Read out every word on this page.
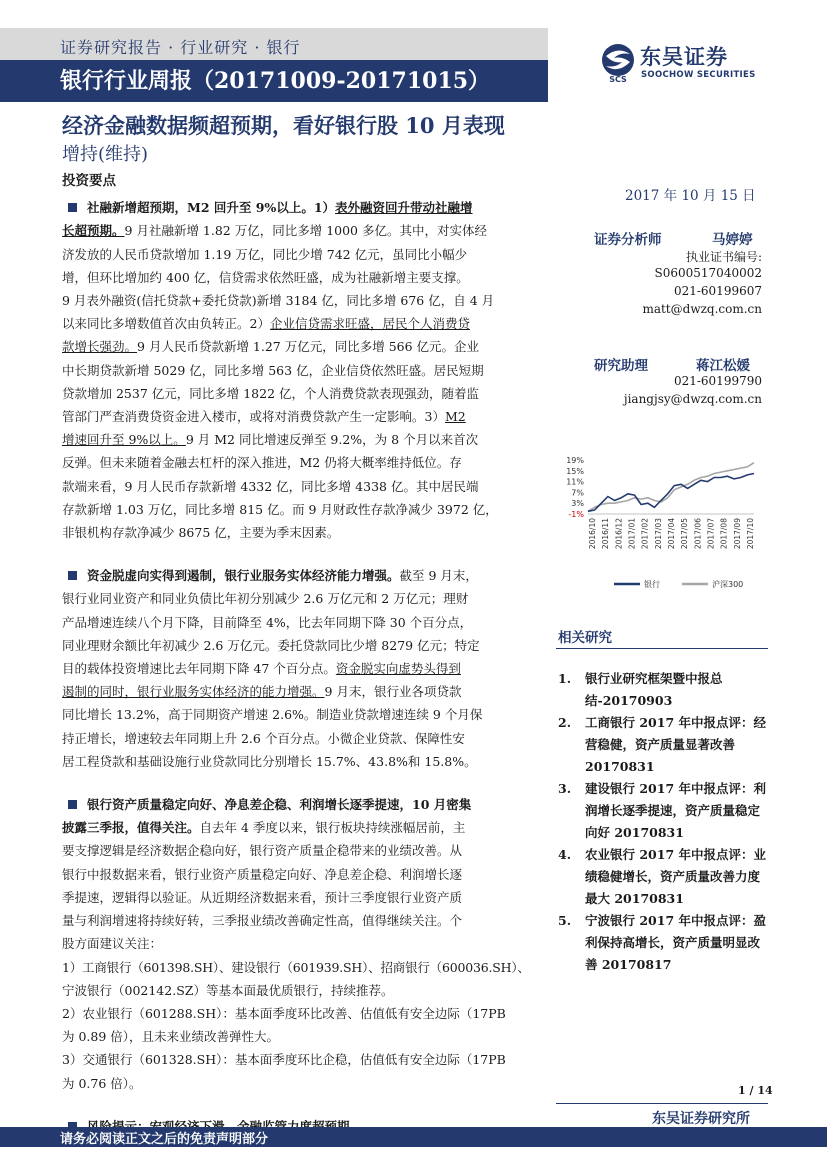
证券研究报告 · 行业研究 · 银行
银行行业周报（20171009-20171015）	SCS
东吴证券
SOOCHOW SECURITIES
经济金融数据频超预期，看好银行股 10 月表现
增持(维持)
投资要点
社融新增超预期，M2 回升至 9%以上。1）表外融资回升带动社融增
长超预期。9 月社融新增 1.82 万亿，同比多增 1000 多亿。其中，对实体经
济发放的人民币贷款增加 1.19 万亿，同比少增 742 亿元，虽同比小幅少
增，但环比增加约 400 亿，信贷需求依然旺盛，成为社融新增主要支撑。
9 月表外融资(信托贷款+委托贷款)新增 3184 亿，同比多增 676 亿，自 4 月
以来同比多增数值首次由负转正。2）企业信贷需求旺盛，居民个人消费贷
款增长强劲。9 月人民币贷款新增 1.27 万亿元，同比多增 566 亿元。企业
中长期贷款新增 5029 亿，同比多增 563 亿，企业信贷依然旺盛。居民短期
贷款增加 2537 亿元，同比多增 1822 亿，个人消费贷款表现强劲，随着监
管部门严查消费贷资金进入楼市，或将对消费贷款产生一定影响。3）M2
增速回升至 9%以上。9 月 M2 同比增速反弹至 9.2%，为 8 个月以来首次
反弹。但未来随着金融去杠杆的深入推进，M2 仍将大概率维持低位。存
款端来看，9 月人民币存款新增 4332 亿，同比多增 4338 亿。其中居民端
存款新增 1.03 万亿，同比多增 815 亿。而 9 月财政性存款净减少 3972 亿，
非银机构存款净减少 8675 亿，主要为季末因素。
资金脱虚向实得到遏制，银行业服务实体经济能力增强。截至 9 月末，
银行业同业资产和同业负债比年初分别减少 2.6 万亿元和 2 万亿元；理财
产品增速连续八个月下降，目前降至 4%，比去年同期下降 30 个百分点，
同业理财余额比年初减少 2.6 万亿元。委托贷款同比少增 8279 亿元；特定
目的载体投资增速比去年同期下降 47 个百分点。资金脱实向虚势头得到
遏制的同时，银行业服务实体经济的能力增强。9 月末，银行业各项贷款
同比增长 13.2%，高于同期资产增速 2.6%。制造业贷款增速连续 9 个月保
持正增长，增速较去年同期上升 2.6 个百分点。小微企业贷款、保障性安
居工程贷款和基础设施行业贷款同比分别增长 15.7%、43.8%和 15.8%。
银行资产质量稳定向好、净息差企稳、利润增长逐季提速，10 月密集
披露三季报，值得关注。自去年 4 季度以来，银行板块持续涨幅居前，主
要支撑逻辑是经济数据企稳向好，银行资产质量企稳带来的业绩改善。从
银行中报数据来看，银行业资产质量稳定向好、净息差企稳、利润增长逐
季提速，逻辑得以验证。从近期经济数据来看，预计三季度银行业资产质
量与利润增速将持续好转，三季报业绩改善确定性高，值得继续关注。个
股方面建议关注：
1）工商银行（601398.SH）、建设银行（601939.SH）、招商银行（600036.SH）、
宁波银行（002142.SZ）等基本面最优质银行，持续推荐。
2）农业银行（601288.SH）：基本面季度环比改善、估值低有安全边际（17PB
为 0.89 倍），且未来业绩改善弹性大。
3）交通银行（601328.SH）：基本面季度环比企稳，估值低有安全边际（17PB
为 0.76 倍）。
2017 年 10 月 15 日
证券分析师	马婷婷
执业证书编号:
S0600517040002
021-60199607
matt@dwzq.com.cn
研究助理	蒋江松媛
021-60199790
jiangjsy@dwzq.com.cn
19%
15%
11%
7%
3%
-1%
2016/10 2016/11 2016/12 2017/01 2017/02 2017/03 2017/04 2017/05 2017/06 2017/07 2017/08 2017/09 2017/10
银行	沪深300
相关研究
1. 银行业研究框架暨中报总结-20170903
2. 工商银行 2017 年中报点评：经营稳健，资产质量显著改善 20170831
3. 建设银行 2017 年中报点评：利润增长逐季提速，资产质量稳定向好 20170831
4. 农业银行 2017 年中报点评：业绩稳健增长，资产质量改善力度最大 20170831
5. 宁波银行 2017 年中报点评：盈利保持高增长，资产质量明显改善 20170817
1 / 14
东吴证券研究所
请务必阅读正文之后的免责声明部分
